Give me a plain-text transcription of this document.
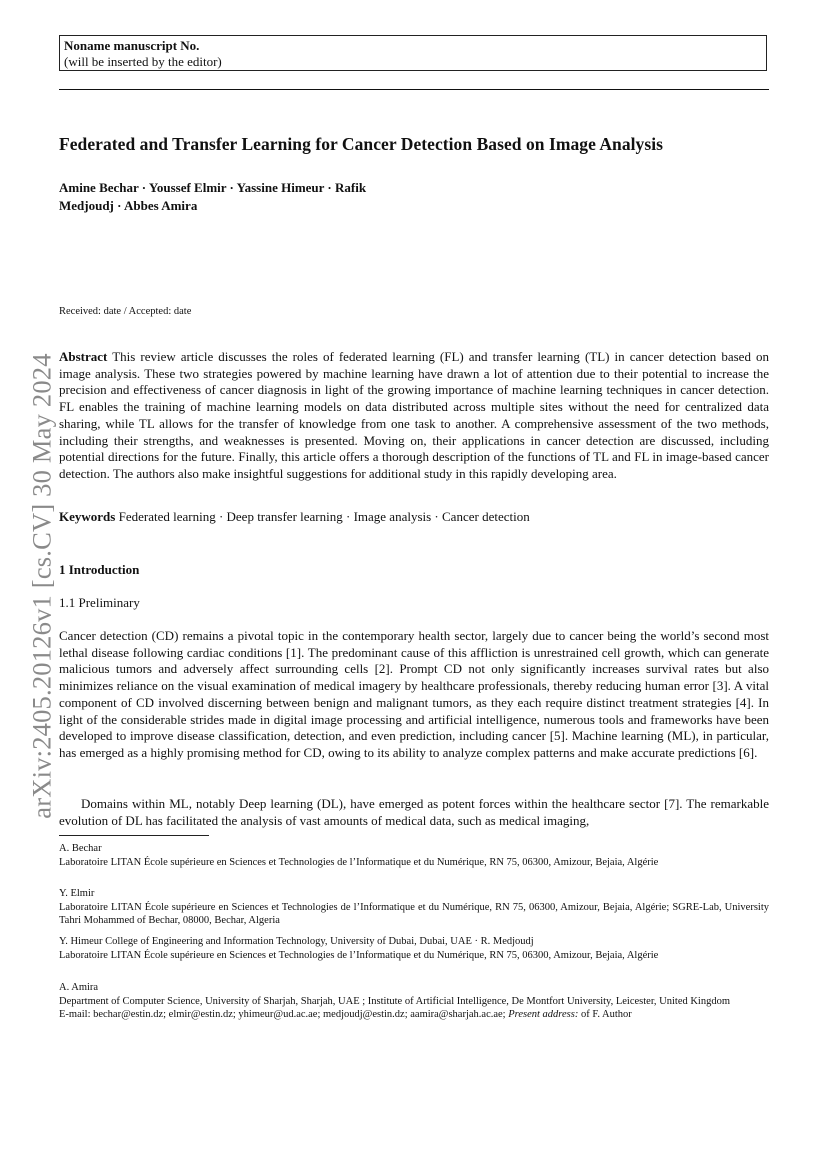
Noname manuscript No.
(will be inserted by the editor)
arXiv:2405.20126v1 [cs.CV] 30 May 2024
Federated and Transfer Learning for Cancer Detection Based on Image Analysis
Amine Bechar · Youssef Elmir · Yassine Himeur · Rafik
Medjoudj · Abbes Amira
Received: date / Accepted: date
Abstract This review article discusses the roles of federated learning (FL) and transfer learning (TL) in cancer detection based on image analysis. These two strategies powered by machine learning have drawn a lot of attention due to their potential to increase the precision and effectiveness of cancer diagnosis in light of the growing importance of machine learning techniques in cancer detection. FL enables the training of machine learning models on data distributed across multiple sites without the need for centralized data sharing, while TL allows for the transfer of knowledge from one task to another. A comprehensive assessment of the two methods, including their strengths, and weaknesses is presented. Moving on, their applications in cancer detection are discussed, including potential directions for the future. Finally, this article offers a thorough description of the functions of TL and FL in image-based cancer detection. The authors also make insightful suggestions for additional study in this rapidly developing area.
Keywords Federated learning · Deep transfer learning · Image analysis · Cancer detection
1 Introduction
1.1 Preliminary
Cancer detection (CD) remains a pivotal topic in the contemporary health sector, largely due to cancer being the world’s second most lethal disease following cardiac conditions [1]. The predominant cause of this affliction is unrestrained cell growth, which can generate malicious tumors and adversely affect surrounding cells [2]. Prompt CD not only significantly increases survival rates but also minimizes reliance on the visual examination of medical imagery by healthcare professionals, thereby reducing human error [3]. A vital component of CD involved discerning between benign and malignant tumors, as they each require distinct treatment strategies [4]. In light of the considerable strides made in digital image processing and artificial intelligence, numerous tools and frameworks have been developed to improve disease classification, detection, and even prediction, including cancer [5]. Machine learning (ML), in particular, has emerged as a highly promising method for CD, owing to its ability to analyze complex patterns and make accurate predictions [6].
Domains within ML, notably Deep learning (DL), have emerged as potent forces within the healthcare sector [7]. The remarkable evolution of DL has facilitated the analysis of vast amounts of medical data, such as medical imaging,
A. Bechar
Laboratoire LITAN École supérieure en Sciences et Technologies de l’Informatique et du Numérique, RN 75, 06300, Amizour, Bejaia, Algérie
Y. Elmir
Laboratoire LITAN École supérieure en Sciences et Technologies de l’Informatique et du Numérique, RN 75, 06300, Amizour, Bejaia, Algérie; SGRE-Lab, University Tahri Mohammed of Bechar, 08000, Bechar, Algeria
Y. Himeur College of Engineering and Information Technology, University of Dubai, Dubai, UAE · R. Medjoudj
Laboratoire LITAN École supérieure en Sciences et Technologies de l’Informatique et du Numérique, RN 75, 06300, Amizour, Bejaia, Algérie
A. Amira
Department of Computer Science, University of Sharjah, Sharjah, UAE ; Institute of Artificial Intelligence, De Montfort University, Leicester, United Kingdom
E-mail: bechar@estin.dz; elmir@estin.dz; yhimeur@ud.ac.ae; medjoudj@estin.dz; aamira@sharjah.ac.ae; Present address: of F. Author
